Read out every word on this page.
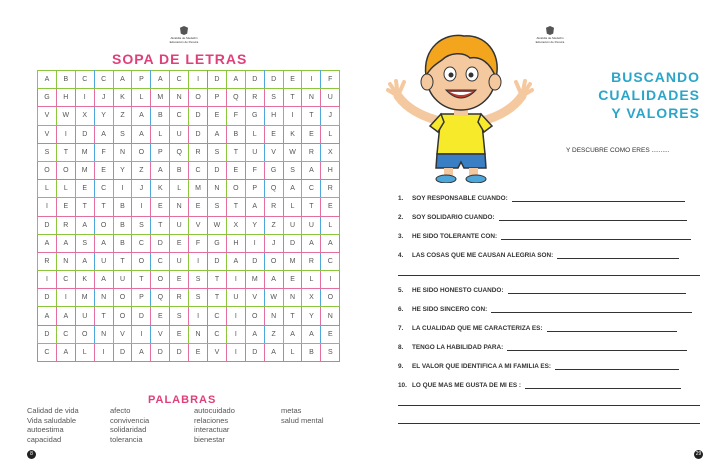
Alcaldía de Medellín
Educación de Pereira
SOPA DE LETRAS
A	B	C	C	A	P	A	C	I	D	A	D	D	E	I	F
G	H	I	J	K	L	M	N	O	P	Q	R	S	T	N	U
V	W	X	Y	Z	A	B	C	D	E	F	G	H	I	T	J
V	I	D	A	S	A	L	U	D	A	B	L	E	K	E	L
S	T	M	F	N	O	P	Q	R	S	T	U	V	W	R	X
O	O	M	E	Y	Z	A	B	C	D	E	F	G	S	A	H
L	L	E	C	I	J	K	L	M	N	O	P	Q	A	C	R
I	E	T	T	B	I	E	N	E	S	T	A	R	L	T	E
D	R	A	O	B	S	T	U	V	W	X	Y	Z	U	U	L
A	A	S	A	B	C	D	E	F	G	H	I	J	D	A	A
R	N	A	U	T	O	C	U	I	D	A	D	O	M	R	C
I	C	K	A	U	T	O	E	S	T	I	M	A	E	L	I
D	I	M	N	O	P	Q	R	S	T	U	V	W	N	X	O
A	A	U	T	O	D	E	S	I	C	I	O	N	T	Y	N
D	C	O	N	V	I	V	E	N	C	I	A	Z	A	A	E
C	A	L	I	D	A	D	D	E	V	I	D	A	L	B	S
PALABRAS
Calidad de vida
Vida saludable
autoestima
capacidad
afecto
convivencia
solidaridad
tolerancia
autocuidado
relaciones
interactuar
bienestar
metas
salud mental
8
Alcaldía de Medellín
Educación de Pereira
BUSCANDO
CUALIDADES
Y VALORES
Y DESCUBRE COMO ERES ..........
1.	SOY RESPONSABLE CUANDO:
2.	SOY SOLIDARIO CUANDO:
3.	HE SIDO TOLERANTE CON:
4.	LAS COSAS QUE ME CAUSAN ALEGRIA SON:
5.	HE SIDO HONESTO CUANDO:
6.	HE SIDO SINCERO CON:
7.	LA CUALIDAD QUE ME CARACTERIZA ES:
8.	TENGO LA HABILIDAD PARA:
9.	EL VALOR QUE IDENTIFICA A MI FAMILIA ES:
10. LO QUE MAS ME GUSTA DE MI ES :
29
